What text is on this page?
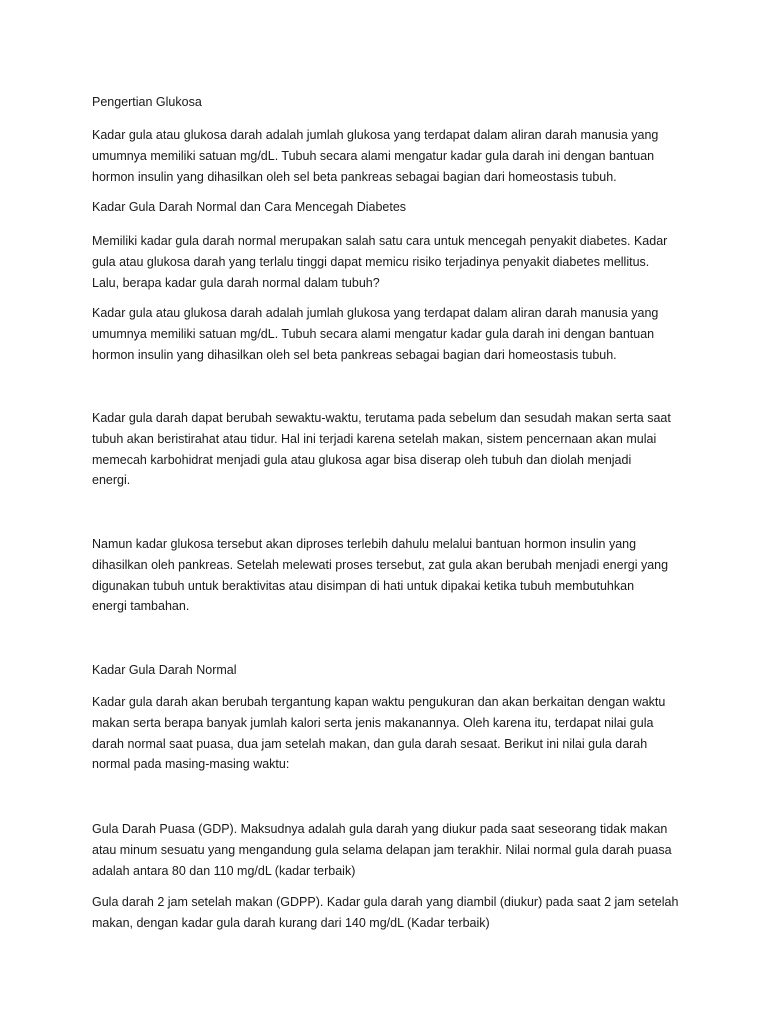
Pengertian Glukosa

Kadar gula atau glukosa darah adalah jumlah glukosa yang terdapat dalam aliran darah manusia yang
umumnya memiliki satuan mg/dL. Tubuh secara alami mengatur kadar gula darah ini dengan bantuan
hormon insulin yang dihasilkan oleh sel beta pankreas sebagai bagian dari homeostasis tubuh.

Kadar Gula Darah Normal dan Cara Mencegah Diabetes

Memiliki kadar gula darah normal merupakan salah satu cara untuk mencegah penyakit diabetes. Kadar
gula atau glukosa darah yang terlalu tinggi dapat memicu risiko terjadinya penyakit diabetes mellitus.
Lalu, berapa kadar gula darah normal dalam tubuh?

Kadar gula atau glukosa darah adalah jumlah glukosa yang terdapat dalam aliran darah manusia yang
umumnya memiliki satuan mg/dL. Tubuh secara alami mengatur kadar gula darah ini dengan bantuan
hormon insulin yang dihasilkan oleh sel beta pankreas sebagai bagian dari homeostasis tubuh.

Kadar gula darah dapat berubah sewaktu-waktu, terutama pada sebelum dan sesudah makan serta saat
tubuh akan beristirahat atau tidur. Hal ini terjadi karena setelah makan, sistem pencernaan akan mulai
memecah karbohidrat menjadi gula atau glukosa agar bisa diserap oleh tubuh dan diolah menjadi
energi.

Namun kadar glukosa tersebut akan diproses terlebih dahulu melalui bantuan hormon insulin yang
dihasilkan oleh pankreas. Setelah melewati proses tersebut, zat gula akan berubah menjadi energi yang
digunakan tubuh untuk beraktivitas atau disimpan di hati untuk dipakai ketika tubuh membutuhkan
energi tambahan.

Kadar Gula Darah Normal

Kadar gula darah akan berubah tergantung kapan waktu pengukuran dan akan berkaitan dengan waktu
makan serta berapa banyak jumlah kalori serta jenis makanannya. Oleh karena itu, terdapat nilai gula
darah normal saat puasa, dua jam setelah makan, dan gula darah sesaat. Berikut ini nilai gula darah
normal pada masing-masing waktu:

Gula Darah Puasa (GDP). Maksudnya adalah gula darah yang diukur pada saat seseorang tidak makan
atau minum sesuatu yang mengandung gula selama delapan jam terakhir. Nilai normal gula darah puasa
adalah antara 80 dan 110 mg/dL (kadar terbaik)

Gula darah 2 jam setelah makan (GDPP). Kadar gula darah yang diambil (diukur) pada saat 2 jam setelah
makan, dengan kadar gula darah kurang dari 140 mg/dL (Kadar terbaik)
